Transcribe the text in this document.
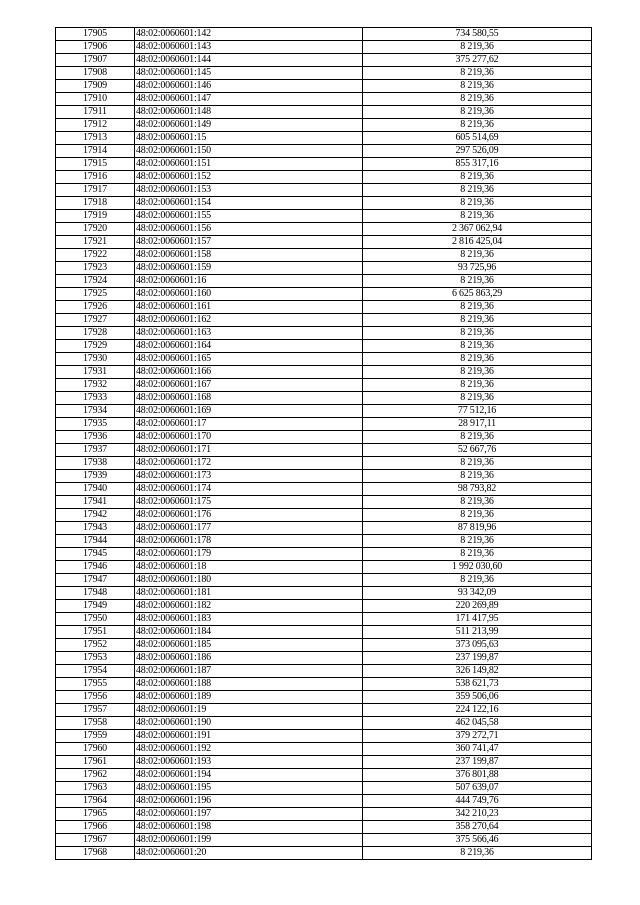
17905	48:02:0060601:142	734 580,55
17906	48:02:0060601:143	8 219,36
17907	48:02:0060601:144	375 277,62
17908	48:02:0060601:145	8 219,36
17909	48:02:0060601:146	8 219,36
17910	48:02:0060601:147	8 219,36
17911	48:02:0060601:148	8 219,36
17912	48:02:0060601:149	8 219,36
17913	48:02:0060601:15	605 514,69
17914	48:02:0060601:150	297 526,09
17915	48:02:0060601:151	855 317,16
17916	48:02:0060601:152	8 219,36
17917	48:02:0060601:153	8 219,36
17918	48:02:0060601:154	8 219,36
17919	48:02:0060601:155	8 219,36
17920	48:02:0060601:156	2 367 062,94
17921	48:02:0060601:157	2 816 425,04
17922	48:02:0060601:158	8 219,36
17923	48:02:0060601:159	93 725,96
17924	48:02:0060601:16	8 219,36
17925	48:02:0060601:160	6 625 863,29
17926	48:02:0060601:161	8 219,36
17927	48:02:0060601:162	8 219,36
17928	48:02:0060601:163	8 219,36
17929	48:02:0060601:164	8 219,36
17930	48:02:0060601:165	8 219,36
17931	48:02:0060601:166	8 219,36
17932	48:02:0060601:167	8 219,36
17933	48:02:0060601:168	8 219,36
17934	48:02:0060601:169	77 512,16
17935	48:02:0060601:17	28 917,11
17936	48:02:0060601:170	8 219,36
17937	48:02:0060601:171	52 667,76
17938	48:02:0060601:172	8 219,36
17939	48:02:0060601:173	8 219,36
17940	48:02:0060601:174	98 793,82
17941	48:02:0060601:175	8 219,36
17942	48:02:0060601:176	8 219,36
17943	48:02:0060601:177	87 819,96
17944	48:02:0060601:178	8 219,36
17945	48:02:0060601:179	8 219,36
17946	48:02:0060601:18	1 992 030,60
17947	48:02:0060601:180	8 219,36
17948	48:02:0060601:181	93 342,09
17949	48:02:0060601:182	220 269,89
17950	48:02:0060601:183	171 417,95
17951	48:02:0060601:184	511 213,99
17952	48:02:0060601:185	373 095,63
17953	48:02:0060601:186	237 199,87
17954	48:02:0060601:187	326 149,82
17955	48:02:0060601:188	538 621,73
17956	48:02:0060601:189	359 506,06
17957	48:02:0060601:19	224 122,16
17958	48:02:0060601:190	462 045,58
17959	48:02:0060601:191	379 272,71
17960	48:02:0060601:192	360 741,47
17961	48:02:0060601:193	237 199,87
17962	48:02:0060601:194	376 801,88
17963	48:02:0060601:195	507 639,07
17964	48:02:0060601:196	444 749,76
17965	48:02:0060601:197	342 210,23
17966	48:02:0060601:198	358 270,64
17967	48:02:0060601:199	375 566,46
17968	48:02:0060601:20	8 219,36
